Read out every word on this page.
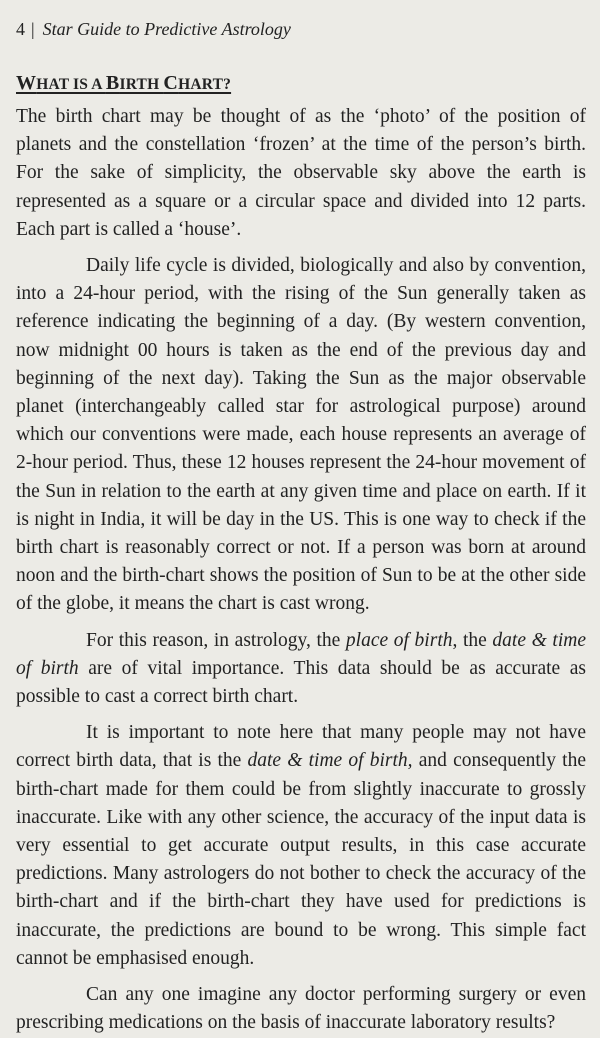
4 | Star Guide to Predictive Astrology
WHAT IS A BIRTH CHART?

The birth chart may be thought of as the ‘photo’ of the position of planets and the constellation ‘frozen’ at the time of the person’s birth. For the sake of simplicity, the observable sky above the earth is represented as a square or a circular space and divided into 12 parts. Each part is called a ‘house’.

Daily life cycle is divided, biologically and also by convention, into a 24-hour period, with the rising of the Sun generally taken as reference indicating the beginning of a day. (By western convention, now midnight 00 hours is taken as the end of the previous day and beginning of the next day). Taking the Sun as the major observable planet (interchangeably called star for astrological purpose) around which our conventions were made, each house represents an average of 2-hour period. Thus, these 12 houses represent the 24-hour movement of the Sun in relation to the earth at any given time and place on earth. If it is night in India, it will be day in the US. This is one way to check if the birth chart is reasonably correct or not. If a person was born at around noon and the birth-chart shows the position of Sun to be at the other side of the globe, it means the chart is cast wrong.

For this reason, in astrology, the place of birth, the date & time of birth are of vital importance. This data should be as accurate as possible to cast a correct birth chart.

It is important to note here that many people may not have correct birth data, that is the date & time of birth, and consequently the birth-chart made for them could be from slightly inaccurate to grossly inaccurate. Like with any other science, the accuracy of the input data is very essential to get accurate output results, in this case accurate predictions. Many astrologers do not bother to check the accuracy of the birth-chart and if the birth-chart they have used for predictions is inaccurate, the predictions are bound to be wrong. This simple fact cannot be emphasised enough.

Can any one imagine any doctor performing surgery or even prescribing medications on the basis of inaccurate laboratory results?
